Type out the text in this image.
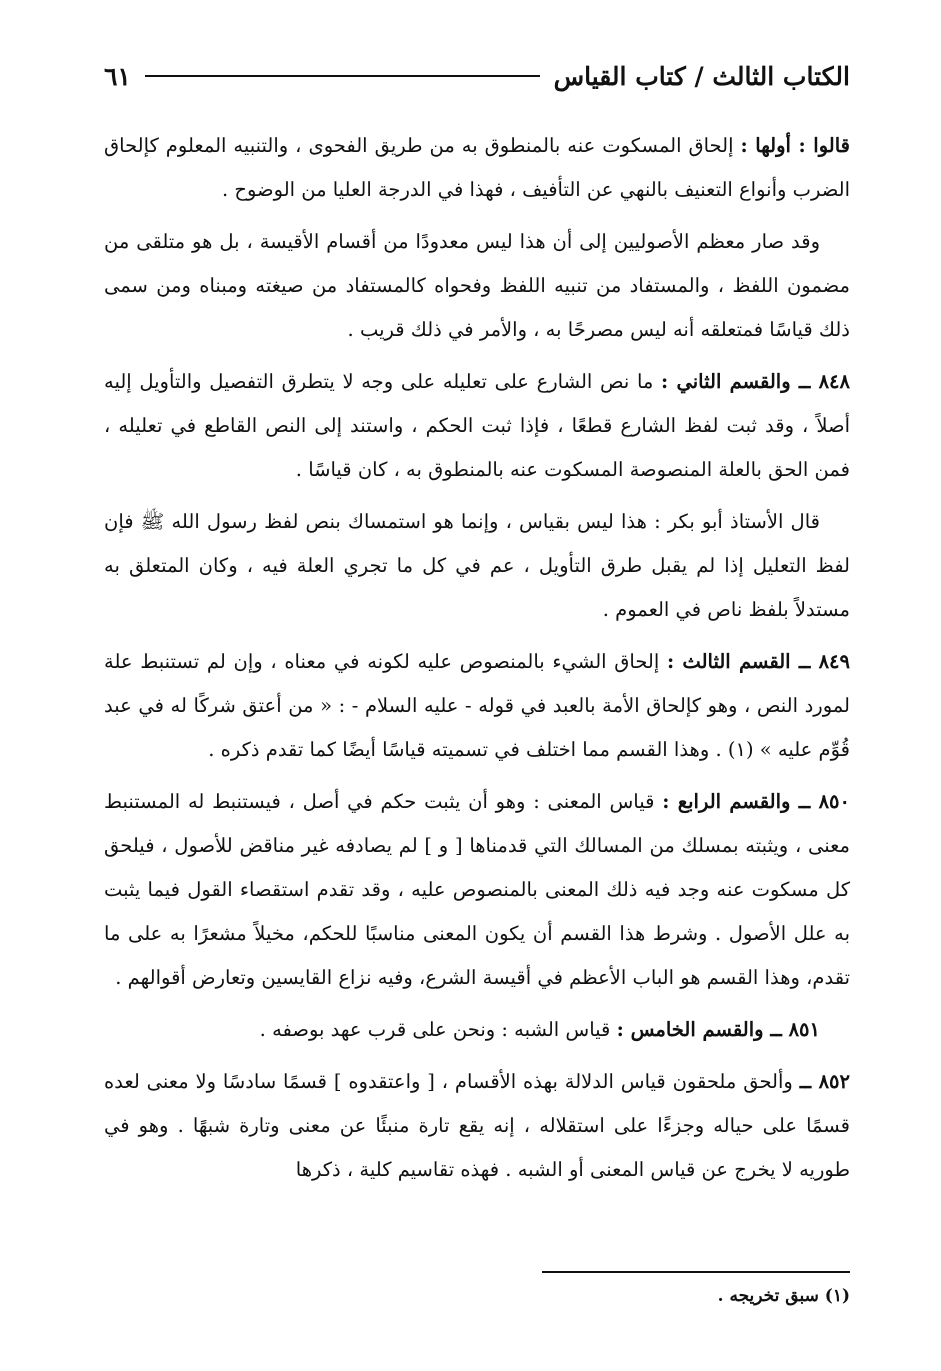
الكتاب الثالث / كتاب القياس
٦١

قالوا : أولها : إلحاق المسكوت عنه بالمنطوق به من طريق الفحوى ، والتنبيه المعلوم كإلحاق الضرب وأنواع التعنيف بالنهي عن التأفيف ، فهذا في الدرجة العليا من الوضوح .

وقد صار معظم الأصوليين إلى أن هذا ليس معدودًا من أقسام الأقيسة ، بل هو متلقى من مضمون اللفظ ، والمستفاد من تنبيه اللفظ وفحواه كالمستفاد من صيغته ومبناه ومن سمى ذلك قياسًا فمتعلقه أنه ليس مصرحًا به ، والأمر في ذلك قريب .

٨٤٨ ــ والقسم الثاني : ما نص الشارع على تعليله على وجه لا يتطرق التفصيل والتأويل إليه أصلاً ، وقد ثبت لفظ الشارع قطعًا ، فإذا ثبت الحكم ، واستند إلى النص القاطع في تعليله ، فمن الحق بالعلة المنصوصة المسكوت عنه بالمنطوق به ، كان قياسًا .

قال الأستاذ أبو بكر : هذا ليس بقياس ، وإنما هو استمساك بنص لفظ رسول الله ﷺ فإن لفظ التعليل إذا لم يقبل طرق التأويل ، عم في كل ما تجري العلة فيه ، وكان المتعلق به مستدلاً بلفظ ناص في العموم .

٨٤٩ ــ القسم الثالث : إلحاق الشيء بالمنصوص عليه لكونه في معناه ، وإن لم تستنبط علة لمورد النص ، وهو كإلحاق الأمة بالعبد في قوله - عليه السلام - : « من أعتق شركًا له في عبد قُوِّم عليه » (١) . وهذا القسم مما اختلف في تسميته قياسًا أيضًا كما تقدم ذكره .

٨٥٠ ــ والقسم الرابع : قياس المعنى : وهو أن يثبت حكم في أصل ، فيستنبط له المستنبط معنى ، ويثبته بمسلك من المسالك التي قدمناها [ و ] لم يصادفه غير مناقض للأصول ، فيلحق كل مسكوت عنه وجد فيه ذلك المعنى بالمنصوص عليه ، وقد تقدم استقصاء القول فيما يثبت به علل الأصول . وشرط هذا القسم أن يكون المعنى مناسبًا للحكم، مخيلاً مشعرًا به على ما تقدم، وهذا القسم هو الباب الأعظم في أقيسة الشرع، وفيه نزاع القايسين وتعارض أقوالهم .

٨٥١ ــ والقسم الخامس : قياس الشبه : ونحن على قرب عهد بوصفه .

٨٥٢ ــ وألحق ملحقون قياس الدلالة بهذه الأقسام ، [ واعتقدوه ] قسمًا سادسًا ولا معنى لعده قسمًا على حياله وجزءًا على استقلاله ، إنه يقع تارة منبئًا عن معنى وتارة شبهًا . وهو في طوريه لا يخرج عن قياس المعنى أو الشبه . فهذه تقاسيم كلية ، ذكرها

(١) سبق تخريجه .
